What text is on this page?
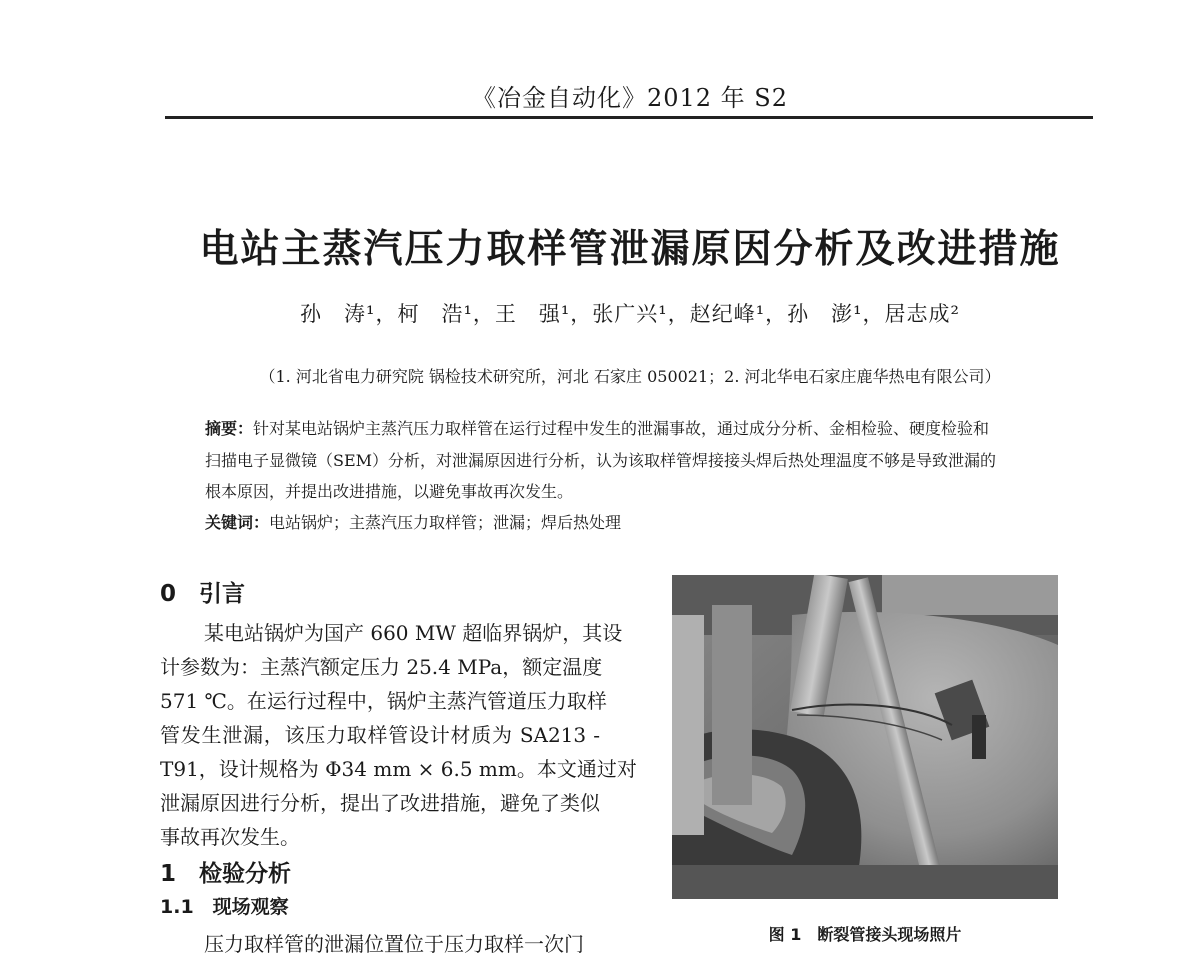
《冶金自动化》2012 年 S2
电站主蒸汽压力取样管泄漏原因分析及改进措施
孙　涛¹，柯　浩¹，王　强¹，张广兴¹，赵纪峰¹，孙　澎¹，居志成²
（1. 河北省电力研究院 锅检技术研究所，河北 石家庄 050021；2. 河北华电石家庄鹿华热电有限公司）
摘要：针对某电站锅炉主蒸汽压力取样管在运行过程中发生的泄漏事故，通过成分分析、金相检验、硬度检验和
扫描电子显微镜（SEM）分析，对泄漏原因进行分析，认为该取样管焊接接头焊后热处理温度不够是导致泄漏的
根本原因，并提出改进措施，以避免事故再次发生。
关键词：电站锅炉；主蒸汽压力取样管；泄漏；焊后热处理
0　引言
某电站锅炉为国产 660 MW 超临界锅炉，其设
计参数为：主蒸汽额定压力 25.4 MPa，额定温度
571 ℃。在运行过程中，锅炉主蒸汽管道压力取样
管发生泄漏，该压力取样管设计材质为 SA213 -
T91，设计规格为 Φ34 mm × 6.5 mm。本文通过对
泄漏原因进行分析，提出了改进措施，避免了类似
事故再次发生。
1　检验分析
1.1　现场观察
压力取样管的泄漏位置位于压力取样一次门	图 1　断裂管接头现场照片
